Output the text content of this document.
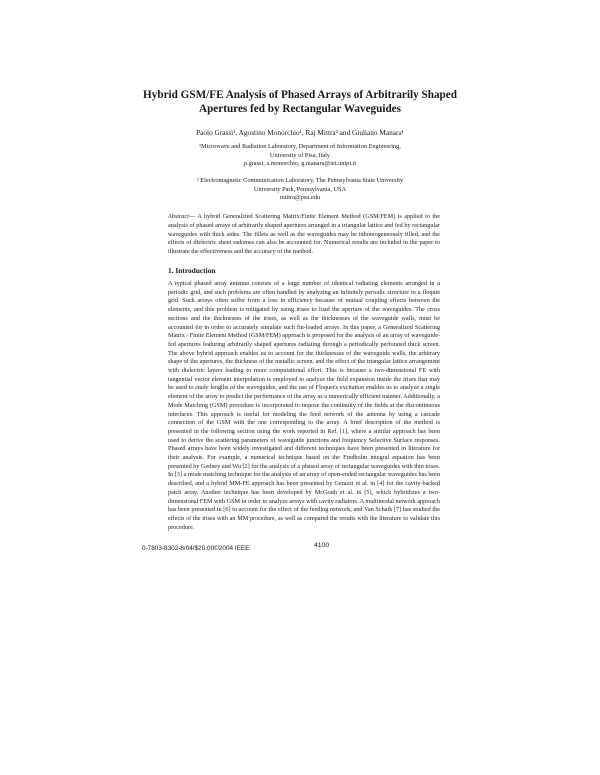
Hybrid GSM/FE Analysis of Phased Arrays of Arbitrarily Shaped Apertures fed by Rectangular Waveguides
Paolo Grassi¹, Agostino Monorchio¹, Raj Mittra² and Giuliano Manara¹

¹Microwave and Radiation Laboratory, Department of Information Engineering,

University of Pisa, Italy

p.grassi, a.monorchio, g.manara@iet.unipi.it

² Electromagnetic Communication Laboratory, The Pennsylvania State University

University Park, Pennsylvania, USA

mittra@psu.edu

Abstract— A hybrid Generalized Scattering Matrix/Finite Element Method (GSM/FEM) is applied to the analysis of phased arrays of arbitrarily shaped apertures arranged in a triangular lattice and fed by rectangular waveguides with thick sides. The fillets as well as the waveguides may be inhomogeneously filled, and the effects of dielectric sheet radomes can also be accounted for. Numerical results are included in the paper to illustrate the effectiveness and the accuracy of the method.
1. Introduction
A typical phased array antenna consists of a large number of identical radiating elements arranged in a periodic grid, and such problems are often handled by analyzing an infinitely periodic structure in a floquet grid. Such arrays often suffer from a loss in efficiency because of mutual coupling effects between the elements, and this problem is mitigated by using irises to load the aperture of the waveguides. The cross sections and the thicknesses of the irises, as well as the thicknesses of the waveguide walls, must be accounted for in order to accurately simulate such fin-loaded arrays. In this paper, a Generalized Scattering Matrix / Finite Element Method (GSM/FEM) approach is proposed for the analysis of an array of waveguide-fed apertures featuring arbitrarily shaped apertures radiating through a periodically perforated thick screen. The above hybrid approach enables us to account for the thicknesses of the waveguide walls, the arbitrary shape of the apertures, the thickness of the metallic screen, and the effect of the triangular lattice arrangement with dielectric layers leading to more computational effort. This is because a two-dimensional FE with tangential vector element interpolation is employed to analyze the field expansion inside the irises that may be used to study lengths of the waveguides, and the use of Floquet's excitation enables us to analyze a single element of the array to predict the performance of the array as a numerically efficient manner. Additionally, a Mode Matching (GSM) procedure is incorporated to impose the continuity of the fields at the discontinuous interfaces. This approach is useful for modeling the feed network of the antenna by using a cascade connection of the GSM with the one corresponding to the array. A brief description of the method is presented in the following section using the work reported in Ref. [1], where a similar approach has been used to derive the scattering parameters of waveguide junctions and frequency Selective Surface responses. Phased arrays have been widely investigated and different techniques have been presented in literature for their analysis. For example, a numerical technique based on the Fredholm integral equation has been presented by Gedney and Wu [2] for the analysis of a phased array of rectangular waveguides with thin irises. In [3] a mode matching technique for the analysis of an array of open-ended rectangular waveguides has been described, and a hybrid MM-FE approach has been presented by Gerazzi et al. in [4] for the cavity-backed patch array. Another technique has been developed by McGrath et al. in [5], which hybridizes a two-dimensional FEM with GSM in order to analyze arrays with cavity radiators. A multimodal network approach has been presented in [6] to account for the effect of the feeding network, and Van Schaik [7] has studied the effects of the irises with an MM procedure, as well as compared the results with the literature to validate this procedure.
0-7803-8302-8/04/$20.00©2004 IEEE	4100
